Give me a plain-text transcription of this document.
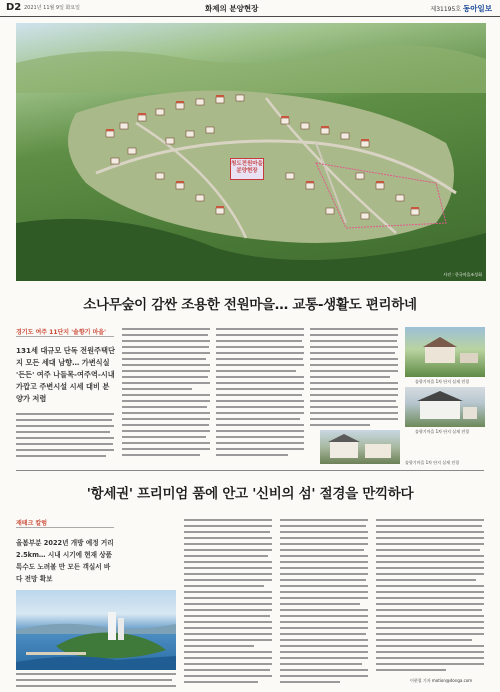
D2 2021년 11월 9일 화요일	화제의 분양현장	제31195호 동아일보
청도전원마을 분양현장
사진 : 한국마을조성회
소나무숲이 감싼 조용한 전원마을… 교통-생활도 편리하네
경기도 여주 11단지 '솔향기 마을'
131세 대규모 단독 전원주택단지 모든 세대 남향… 가변식실 '든든' 여주 나들목-여주역-시내 가깝고 주변시설 시세 대비 분양가 저렴
솔향기마을 1차 단지 실제 전경
솔향기마을 1차 단지 실제 전경
솔향기마을 1차 단지 실제 전경
'항세권' 프리미엄 품에 안고 '신비의 섬' 절경을 만끽하다
재테크 칼럼
올봄부분 2022년 개방 예정 거리 2.5km… 시내 시기에 현재 상품 특수도 노려볼 만 모든 객실서 바다 전망 확보
이현철 기자 motion@donga.com
